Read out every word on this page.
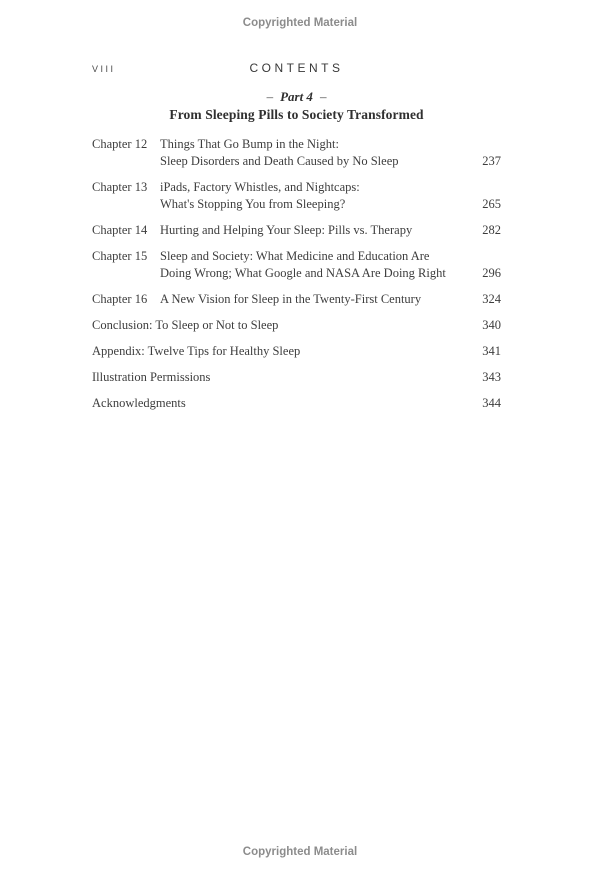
Copyrighted Material
VIII	CONTENTS
– Part 4 –
From Sleeping Pills to Society Transformed
Chapter 12	Things That Go Bump in the Night:
Sleep Disorders and Death Caused by No Sleep	237
Chapter 13	iPads, Factory Whistles, and Nightcaps:
What's Stopping You from Sleeping?	265
Chapter 14	Hurting and Helping Your Sleep: Pills vs. Therapy	282
Chapter 15	Sleep and Society: What Medicine and Education Are
Doing Wrong; What Google and NASA Are Doing Right	296
Chapter 16	A New Vision for Sleep in the Twenty-First Century	324
Conclusion: To Sleep or Not to Sleep	340
Appendix: Twelve Tips for Healthy Sleep	341
Illustration Permissions	343
Acknowledgments	344
Copyrighted Material
